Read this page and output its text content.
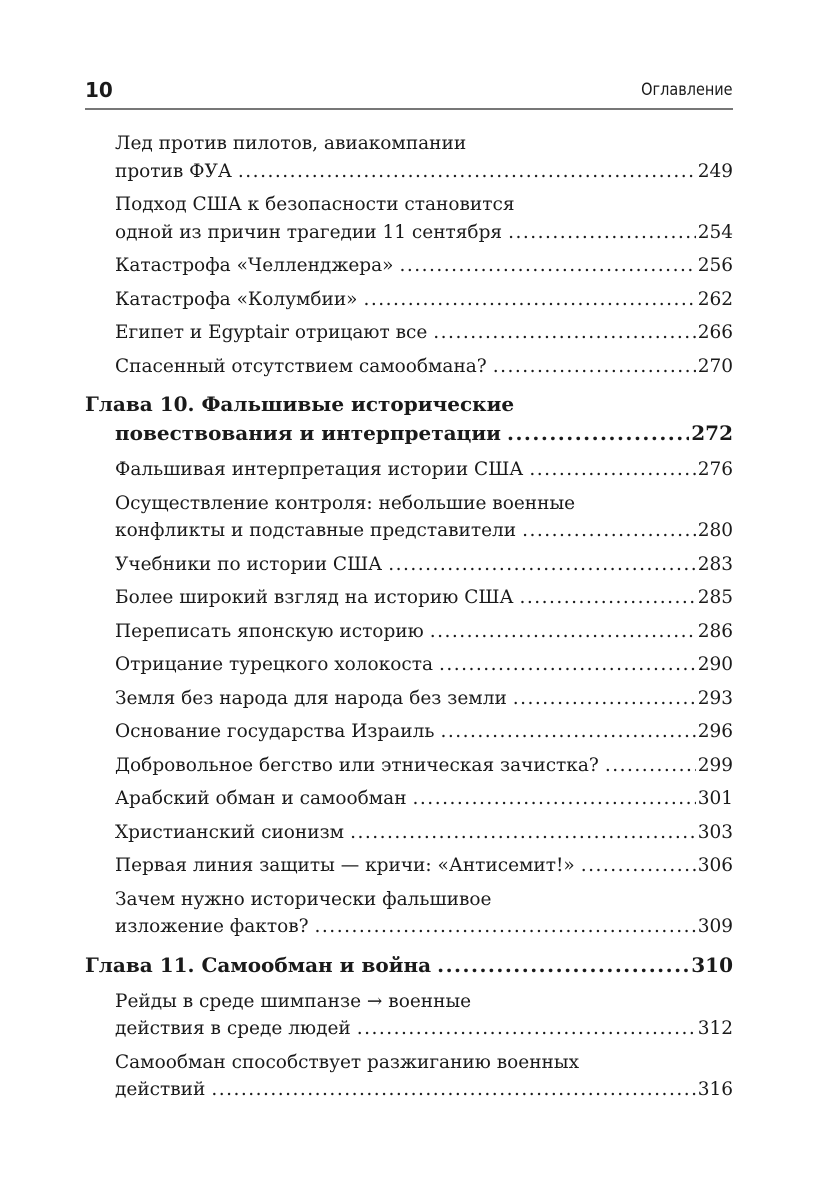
10	Оглавление
Лед против пилотов, авиакомпании
против ФУА .....	249
Подход США к безопасности становится
одной из причин трагедии 11 сентября .....	254
Катастрофа «Челленджера» .....	256
Катастрофа «Колумбии» .....	262
Египет и Egyptair отрицают все .....	266
Спасенный отсутствием самообмана? .....	270
Глава 10. Фальшивые исторические
повествования и интерпретации .....	272
Фальшивая интерпретация истории США .....	276
Осуществление контроля: небольшие военные
конфликты и подставные представители .....	280
Учебники по истории США .....	283
Более широкий взгляд на историю США .....	285
Переписать японскую историю .....	286
Отрицание турецкого холокоста .....	290
Земля без народа для народа без земли .....	293
Основание государства Израиль .....	296
Добровольное бегство или этническая зачистка? .....	299
Арабский обман и самообман .....	301
Христианский сионизм .....	303
Первая линия защиты — кричи: «Антисемит!» .....	306
Зачем нужно исторически фальшивое
изложение фактов? .....	309
Глава 11. Самообман и война .....	310
Рейды в среде шимпанзе → военные
действия в среде людей .....	312
Самообман способствует разжиганию военных
действий .....	316
